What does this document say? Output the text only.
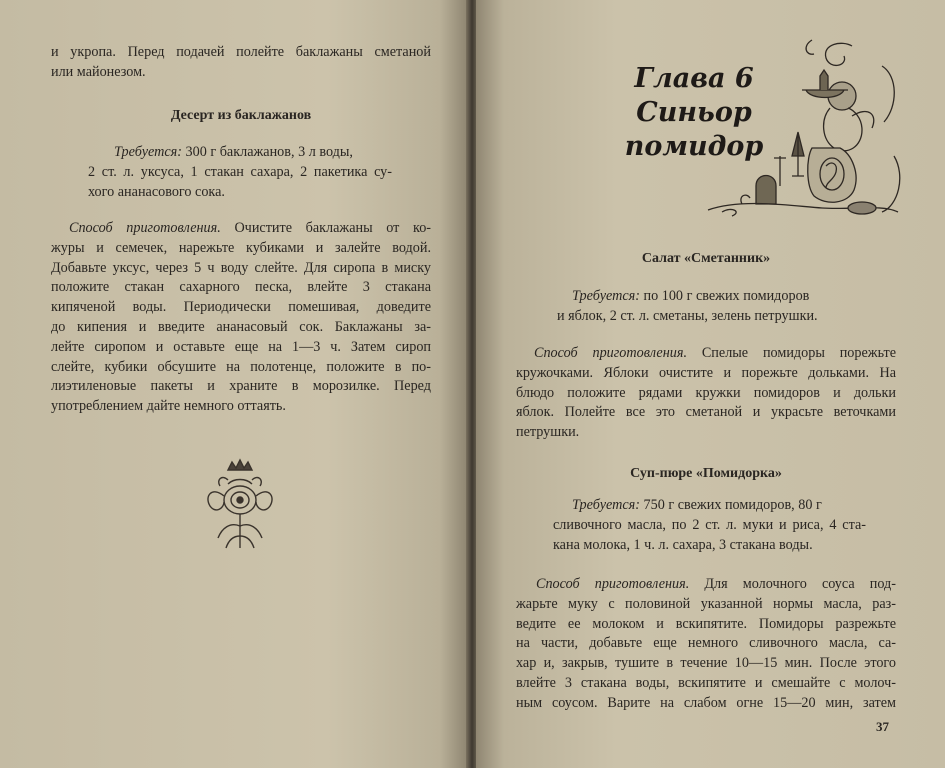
и укропа. Перед подачей полейте баклажаны сметаной

или майонезом.

Десерт из баклажанов

Требуется: 300 г баклажанов, 3 л воды,

2 ст. л. уксуса, 1 стакан сахара, 2 пакетика су-

хого ананасового сока.

Способ приготовления. Очистите баклажаны от ко-

журы и семечек, нарежьте кубиками и залейте водой.

Добавьте уксус, через 5 ч воду слейте. Для сиропа в миску

положите стакан сахарного песка, влейте 3 стакана

кипяченой воды. Периодически помешивая, доведите

до кипения и введите ананасовый сок. Баклажаны за-

лейте сиропом и оставьте еще на 1—3 ч. Затем сироп

слейте, кубики обсушите на полотенце, положите в по-

лиэтиленовые пакеты и храните в морозилке. Перед

употреблением дайте немного оттаять.

Глава 6
Синьор
помидор
Салат «Сметанник»

Требуется: по 100 г свежих помидоров

и яблок, 2 ст. л. сметаны, зелень петрушки.

Способ приготовления. Спелые помидоры порежьте

кружочками. Яблоки очистите и порежьте дольками. На

блюдо положите рядами кружки помидоров и дольки

яблок. Полейте все это сметаной и украсьте веточками

петрушки.

Суп-пюре «Помидорка»

Требуется: 750 г свежих помидоров, 80 г

сливочного масла, по 2 ст. л. муки и риса, 4 ста-

кана молока, 1 ч. л. сахара, 3 стакана воды.

Способ приготовления. Для молочного соуса под-

жарьте муку с половиной указанной нормы масла, раз-

ведите ее молоком и вскипятите. Помидоры разрежьте

на части, добавьте еще немного сливочного масла, са-

хар и, закрыв, тушите в течение 10—15 мин. После этого

влейте 3 стакана воды, вскипятите и смешайте с молоч-

ным соусом. Варите на слабом огне 15—20 мин, затем

37
